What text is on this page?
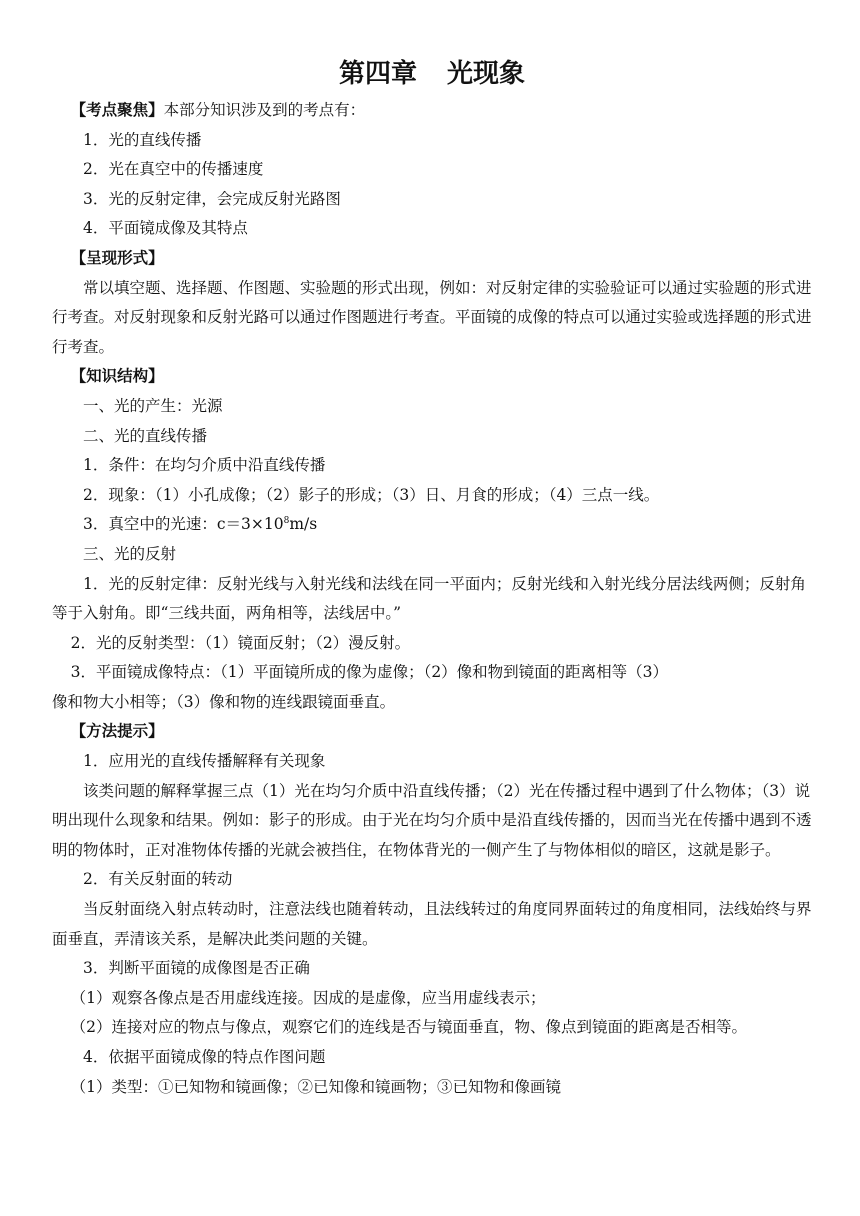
第四章 光现象

【考点聚焦】本部分知识涉及到的考点有：

1．光的直线传播

2．光在真空中的传播速度

3．光的反射定律，会完成反射光路图

4．平面镜成像及其特点

【呈现形式】

常以填空题、选择题、作图题、实验题的形式出现，例如：对反射定律的实验验证可以通过实验题的形式进行考查。对反射现象和反射光路可以通过作图题进行考查。平面镜的成像的特点可以通过实验或选择题的形式进行考查。

【知识结构】

一、光的产生：光源

二、光的直线传播

1．条件：在均匀介质中沿直线传播

2．现象：（1）小孔成像；（2）影子的形成；（3）日、月食的形成；（4）三点一线。

3．真空中的光速：$c=3\times 10^8m/s$

三、光的反射

1．光的反射定律：反射光线与入射光线和法线在同一平面内；反射光线和入射光线分居法线两侧；反射角等于入射角。即“三线共面，两角相等，法线居中。”

2．光的反射类型：（1）镜面反射；（2）漫反射。

3．平面镜成像特点：（1）平面镜所成的像为虚像；（2）像和物到镜面的距离相等（3）

像和物大小相等；（3）像和物的连线跟镜面垂直。

【方法提示】

1．应用光的直线传播解释有关现象

该类问题的解释掌握三点（1）光在均匀介质中沿直线传播；（2）光在传播过程中遇到了什么物体；（3）说明出现什么现象和结果。例如：影子的形成。由于光在均匀介质中是沿直线传播的，因而当光在传播中遇到不透明的物体时，正对准物体传播的光就会被挡住，在物体背光的一侧产生了与物体相似的暗区，这就是影子。

2．有关反射面的转动

当反射面绕入射点转动时，注意法线也随着转动，且法线转过的角度同界面转过的角度相同，法线始终与界面垂直，弄清该关系，是解决此类问题的关键。

3．判断平面镜的成像图是否正确

（1）观察各像点是否用虚线连接。因成的是虚像，应当用虚线表示；

（2）连接对应的物点与像点，观察它们的连线是否与镜面垂直，物、像点到镜面的距离是否相等。

4．依据平面镜成像的特点作图问题

（1）类型：①已知物和镜画像；②已知像和镜画物；③已知物和像画镜
